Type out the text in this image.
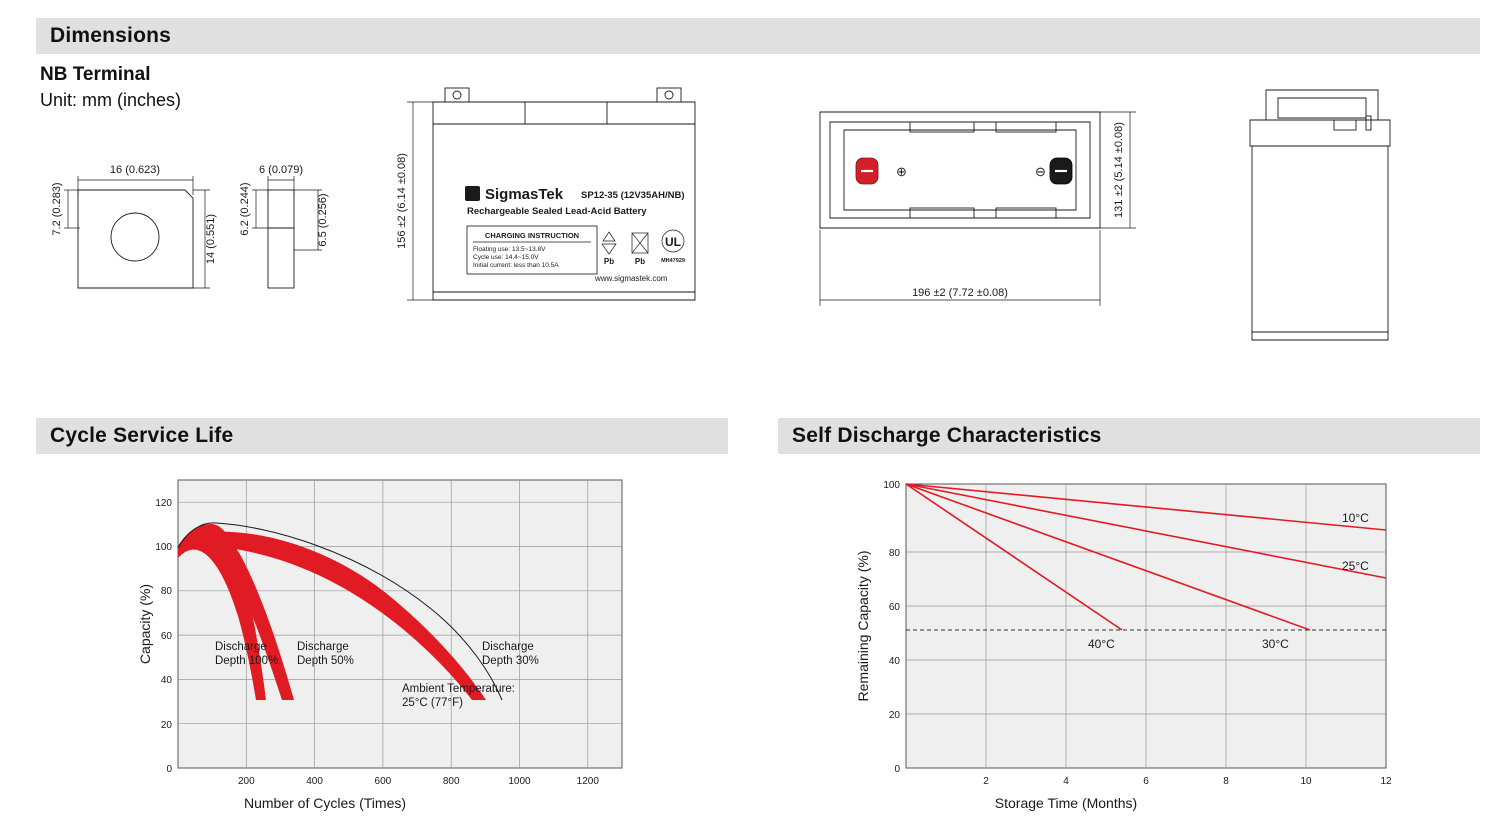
Dimensions
NB Terminal
Unit: mm (inches)
16 (0.623)
7.2 (0.283)
14 (0.551)
6 (0.079)
6.2 (0.244)	6.5 (0.256)	Σ SigmasTek SP12-35 (12V35AH/NB)
Rechargeable Sealed Lead-Acid Battery
CHARGING INSTRUCTION
Floating use: 13.5~13.8V
Cycle use: 14.4~15.0V
Initial current: less than 10.5A	Pb	Pb
UL
MH47929
www.sigmastek.com
156 ±2 (6.14 ±0.08)	⊕	⊖	131 ±2 (5.14 ±0.08)
196 ±2 (7.72 ±0.08)
Cycle Service Life
120
100
80
60
40
20
0
200	400	600	800	1000	1200
Discharge
Depth 100%
Discharge
Depth 50%
Discharge
Depth 30%
Ambient Temperature:
25°C (77°F)
Capacity (%)
Number of Cycles (Times)
Self Discharge Characteristics
100
80
60
40
20
0
2	4	6	8	10	12
10°C
25°C
30°C
40°C
Remaining Capacity (%)
Storage Time (Months)
